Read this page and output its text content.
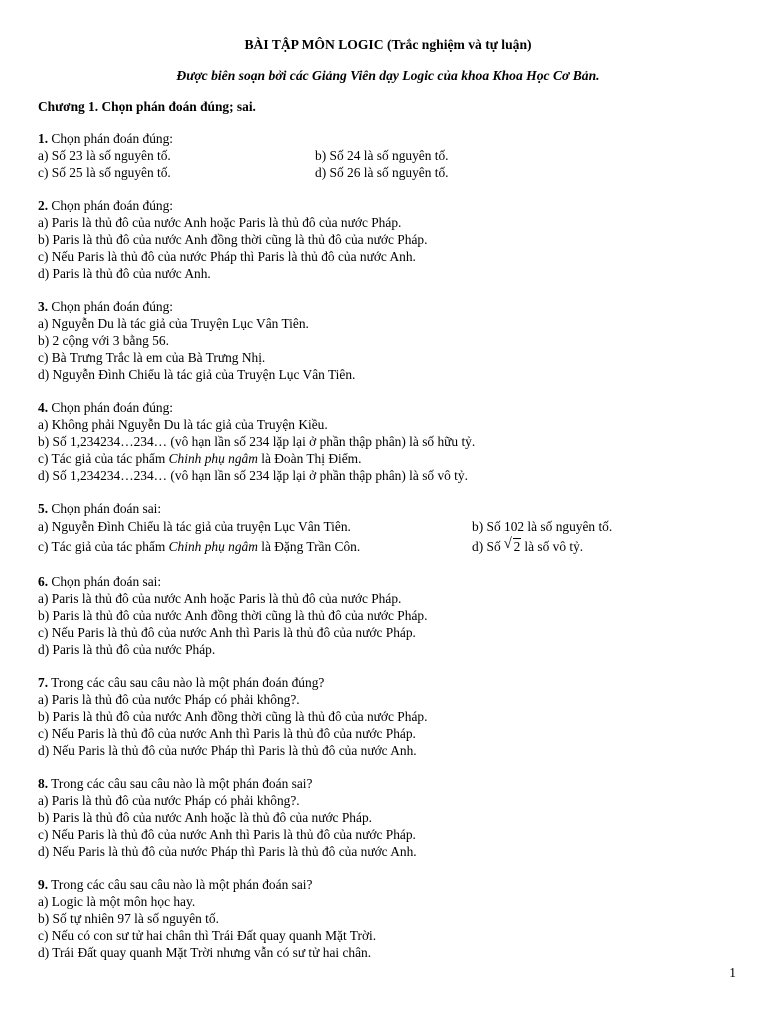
BÀI TẬP MÔN LOGIC (Trắc nghiệm và tự luận)
Được biên soạn bởi các Giảng Viên dạy Logic của khoa Khoa Học Cơ Bản.
Chương 1. Chọn phán đoán đúng; sai.
1. Chọn phán đoán đúng:
a) Số 23 là số nguyên tố.	b) Số 24 là số nguyên tố.
c) Số 25 là số nguyên tố.	d) Số 26 là số nguyên tố.
2. Chọn phán đoán đúng:
a) Paris là thủ đô của nước Anh hoặc Paris là thủ đô của nước Pháp.
b) Paris là thủ đô của nước Anh đồng thời cũng là thủ đô của nước Pháp.
c) Nếu Paris là thủ đô của nước Pháp thì Paris là thủ đô của nước Anh.
d) Paris là thủ đô của nước Anh.
3. Chọn phán đoán đúng:
a) Nguyễn Du là tác giả của Truyện Lục Vân Tiên.
b) 2 cộng với 3 bằng 56.
c) Bà Trưng Trắc là em của Bà Trưng Nhị.
d) Nguyễn Đình Chiểu là tác giả của Truyện Lục Vân Tiên.
4. Chọn phán đoán đúng:
a) Không phải Nguyễn Du là tác giả của Truyện Kiều.
b) Số 1,234234…234… (vô hạn lần số 234 lặp lại ở phần thập phân) là số hữu tỷ.
c) Tác giả của tác phẩm Chinh phụ ngâm là Đoàn Thị Điểm.
d) Số 1,234234…234… (vô hạn lần số 234 lặp lại ở phần thập phân) là số vô tỷ.
5. Chọn phán đoán sai:
a) Nguyễn Đình Chiểu là tác giả của truyện Lục Vân Tiên.	b) Số 102 là số nguyên tố.
c) Tác giả của tác phẩm Chinh phụ ngâm là Đặng Trần Côn.	d) Số √ 2 là số vô tỷ.
6. Chọn phán đoán sai:
a) Paris là thủ đô của nước Anh hoặc Paris là thủ đô của nước Pháp.
b) Paris là thủ đô của nước Anh đồng thời cũng là thủ đô của nước Pháp.
c) Nếu Paris là thủ đô của nước Anh thì Paris là thủ đô của nước Pháp.
d) Paris là thủ đô của nước Pháp.
7. Trong các câu sau câu nào là một phán đoán đúng?
a) Paris là thủ đô của nước Pháp có phải không?.
b) Paris là thủ đô của nước Anh đồng thời cũng là thủ đô của nước Pháp.
c) Nếu Paris là thủ đô của nước Anh thì Paris là thủ đô của nước Pháp.
d) Nếu Paris là thủ đô của nước Pháp thì Paris là thủ đô của nước Anh.
8. Trong các câu sau câu nào là một phán đoán sai?
a) Paris là thủ đô của nước Pháp có phải không?.
b) Paris là thủ đô của nước Anh hoặc là thủ đô của nước Pháp.
c) Nếu Paris là thủ đô của nước Anh thì Paris là thủ đô của nước Pháp.
d) Nếu Paris là thủ đô của nước Pháp thì Paris là thủ đô của nước Anh.
9. Trong các câu sau câu nào là một phán đoán sai?
a) Logic là một môn học hay.
b) Số tự nhiên 97 là số nguyên tố.
c) Nếu có con sư tử hai chân thì Trái Đất quay quanh Mặt Trời.
d) Trái Đất quay quanh Mặt Trời nhưng vẫn có sư tử hai chân.
1
